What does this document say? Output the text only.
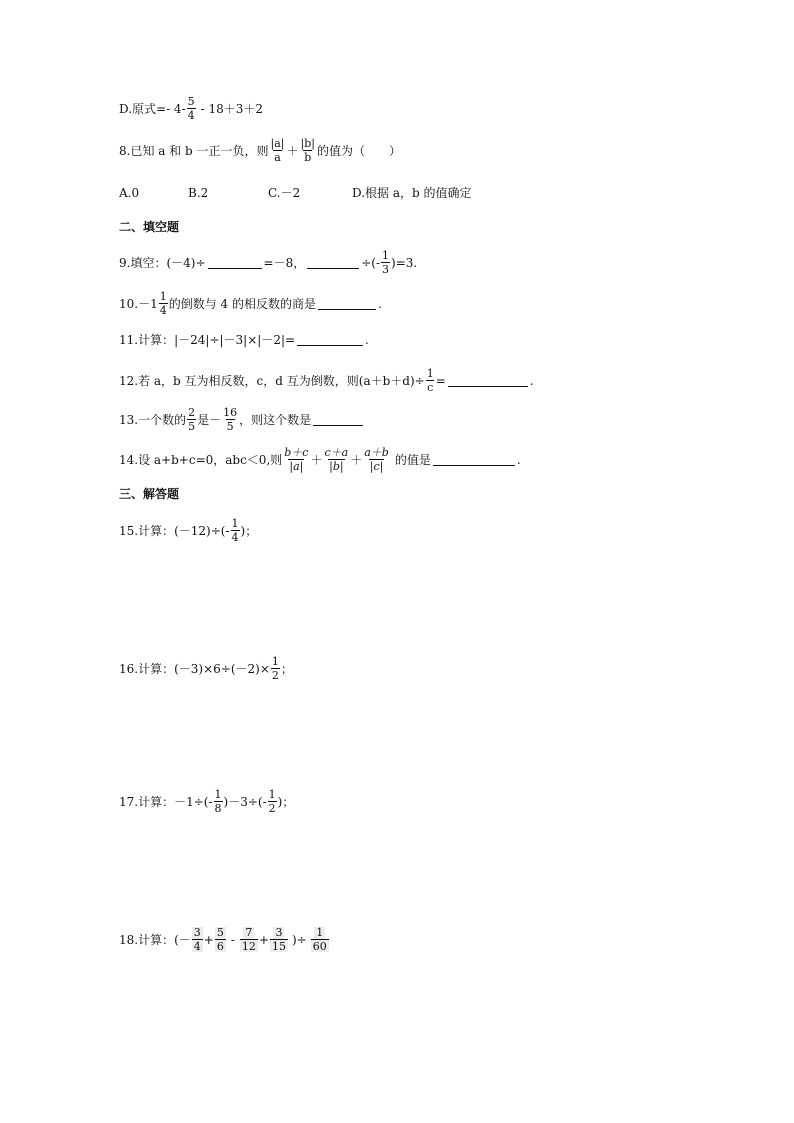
D.原式=- $4- \frac{5}{4} - 18+3+2$
8.已知 a 和 b 一正一负，则 $\frac{|a|}{a} + \frac{|b|}{b}$ 的值为（　　）
A.0	B.2	C.－2	D.根据 a，b 的值确定
二、填空题
9.填空：(－4)÷	=－8，	÷(- $\frac{1}{3} )=3$.
$10.-1 \frac{1}{4}$ 的倒数与 4 的相反数的商是	.
11.计算：|－24|÷|－3|×|－2|=	.
12.若 a，b 互为相反数，c，d 互为倒数，则$(a+b+d)\div \frac{1}{c}$ =	.
13.一个数的 $\frac{2}{5}$ 是－ $\frac{16}{5}$ ，则这个数是
14.设 a+b+c=0，abc＜0,则 $\frac{b+c}{|a|} + \frac{c+a}{|b|} + \frac{a+b}{|c|}$ 的值是	.
三、解答题
15.计算：$(-12)\div(- \frac{1}{4}$ )；
16.计算：$(-3)\times 6\div(-2)\times \frac{1}{2}$ ；
17.计算：$-1\div(- \frac{1}{8} )-3\div(- \frac{1}{2}$ )；
18.计算：(－ $\frac{3}{4} + \frac{5}{6} - \frac{7}{12} + \frac{3}{15}$ )÷ $\frac{1}{60}$
